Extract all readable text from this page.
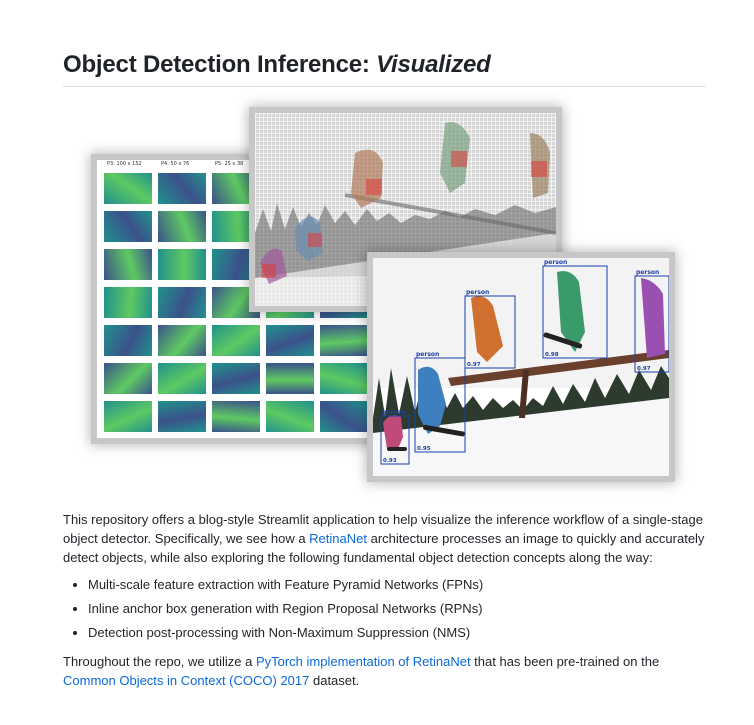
Object Detection Inference: Visualized
P3: 100 x 152	P4: 50 x 76	P5: 25 x 38
person
0.93
person
0.95
person
0.97
person
0.98
person
0.97

This repository offers a blog-style Streamlit application to help visualize the inference workflow of a single-stage object detector. Specifically, we see how a RetinaNet architecture processes an image to quickly and accurately detect objects, while also exploring the following fundamental object detection concepts along the way:

Multi-scale feature extraction with Feature Pyramid Networks (FPNs)
Inline anchor box generation with Region Proposal Networks (RPNs)
Detection post-processing with Non-Maximum Suppression (NMS)

Throughout the repo, we utilize a PyTorch implementation of RetinaNet that has been pre-trained on the Common Objects in Context (COCO) 2017 dataset.
